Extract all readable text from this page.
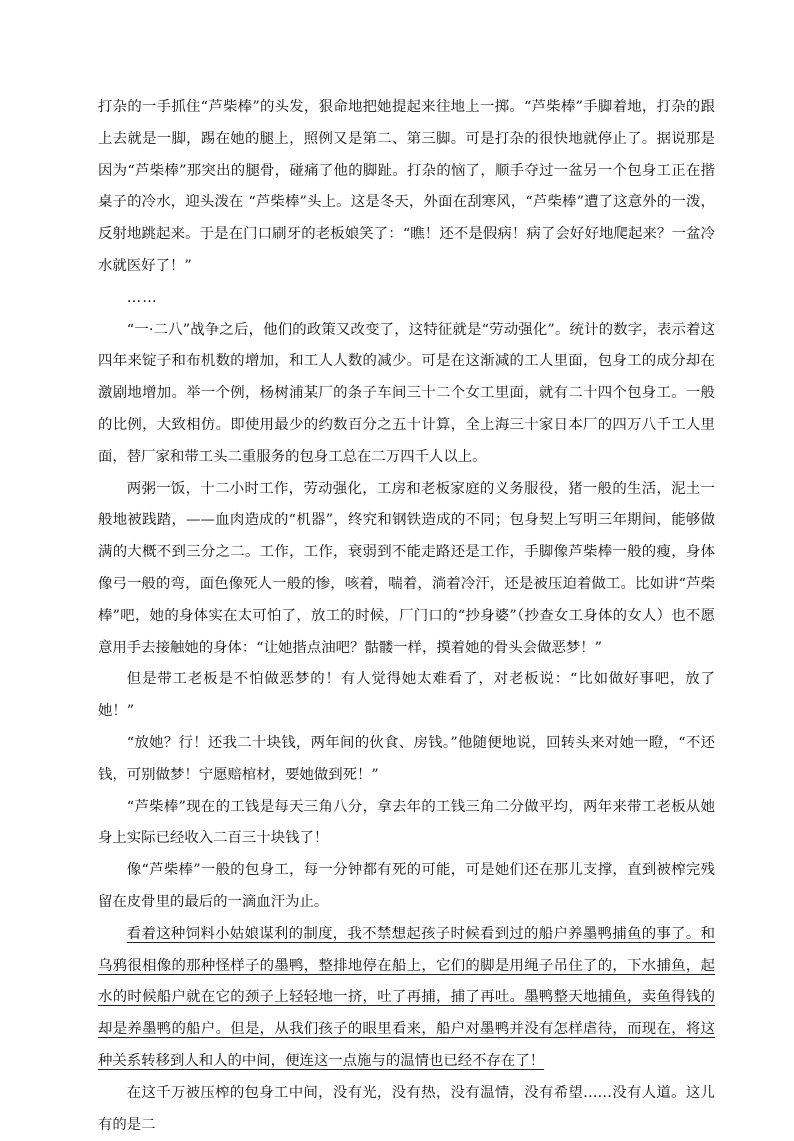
打杂的一手抓住“芦柴棒”的头发，狠命地把她提起来往地上一掷。“芦柴棒”手脚着地，打杂的跟上去就是一脚，踢在她的腿上，照例又是第二、第三脚。可是打杂的很快地就停止了。据说那是因为“芦柴棒”那突出的腿骨，碰痛了他的脚趾。打杂的恼了，顺手夺过一盆另一个包身工正在揩桌子的冷水，迎头泼在 “芦柴棒”头上。这是冬天，外面在刮寒风，“芦柴棒”遭了这意外的一泼，反射地跳起来。于是在门口刷牙的老板娘笑了：“瞧！还不是假病！病了会好好地爬起来？一盆冷水就医好了！”

……

“一·二八”战争之后，他们的政策又改变了，这特征就是“劳动强化”。统计的数字，表示着这四年来锭子和布机数的增加，和工人人数的减少。可是在这渐减的工人里面，包身工的成分却在激剧地增加。举一个例，杨树浦某厂的条子车间三十二个女工里面，就有二十四个包身工。一般的比例，大致相仿。即使用最少的约数百分之五十计算，全上海三十家日本厂的四万八千工人里面，替厂家和带工头二重服务的包身工总在二万四千人以上。

两粥一饭，十二小时工作，劳动强化，工房和老板家庭的义务服役，猪一般的生活，泥土一般地被践踏，——血肉造成的“机器”，终究和钢铁造成的不同；包身契上写明三年期间，能够做满的大概不到三分之二。工作，工作，衰弱到不能走路还是工作，手脚像芦柴棒一般的瘦，身体像弓一般的弯，面色像死人一般的惨，咳着，喘着，淌着冷汗，还是被压迫着做工。比如讲“芦柴棒”吧，她的身体实在太可怕了，放工的时候，厂门口的“抄身婆”（抄查女工身体的女人）也不愿意用手去接触她的身体：“让她揩点油吧？骷髅一样，摸着她的骨头会做恶梦！”

但是带工老板是不怕做恶梦的！有人觉得她太难看了，对老板说：“比如做好事吧，放了她！”

“放她？行！还我二十块钱，两年间的伙食、房钱。”他随便地说，回转头来对她一瞪，“不还钱，可别做梦！宁愿赔棺材，要她做到死！”

“芦柴棒”现在的工钱是每天三角八分，拿去年的工钱三角二分做平均，两年来带工老板从她身上实际已经收入二百三十块钱了！

像“芦柴棒”一般的包身工，每一分钟都有死的可能，可是她们还在那儿支撑，直到被榨完残留在皮骨里的最后的一滴血汗为止。

看着这种饲料小姑娘谋利的制度，我不禁想起孩子时候看到过的船户养墨鸭捕鱼的事了。和乌鸦很相像的那种怪样子的墨鸭，整排地停在船上，它们的脚是用绳子吊住了的，下水捕鱼，起水的时候船户就在它的颈子上轻轻地一挤，吐了再捕，捕了再吐。墨鸭整天地捕鱼，卖鱼得钱的却是养墨鸭的船户。但是，从我们孩子的眼里看来，船户对墨鸭并没有怎样虐待，而现在，将这种关系转移到人和人的中间，便连这一点施与的温情也已经不存在了！

在这千万被压榨的包身工中间，没有光，没有热，没有温情，没有希望……没有人道。这儿有的是二
